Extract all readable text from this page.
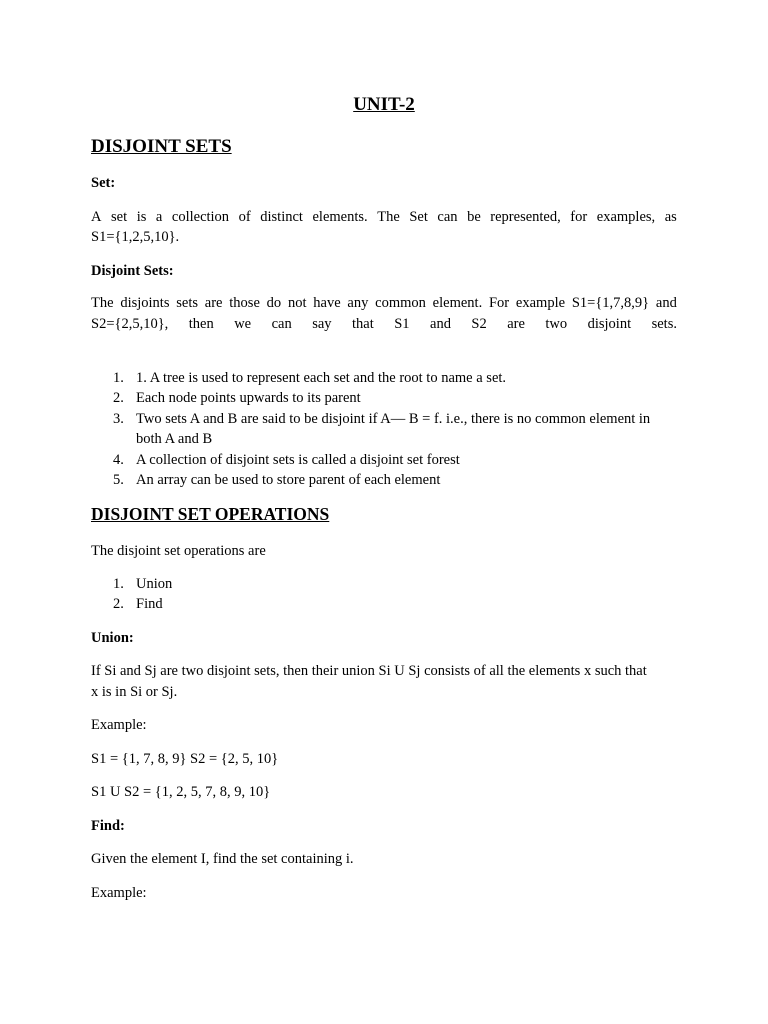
UNIT-2
DISJOINT SETS
Set:
A set is a collection of distinct elements. The Set can be represented, for examples, as
S1={1,2,5,10}.
Disjoint Sets:
The disjoints sets are those do not have any common element. For example S1={1,7,8,9} and
S2={2,5,10}, then we can say that S1 and S2 are two disjoint sets.
1. 1. A tree is used to represent each set and the root to name a set.
2. Each node points upwards to its parent
3. Two sets A and B are said to be disjoint if A— B = f. i.e., there is no common element in
both A and B
4. A collection of disjoint sets is called a disjoint set forest
5. An array can be used to store parent of each element
DISJOINT SET OPERATIONS
The disjoint set operations are
1. Union
2. Find
Union:
If Si and Sj are two disjoint sets, then their union Si U Sj consists of all the elements x such that
x is in Si or Sj.
Example:
S1 = {1, 7, 8, 9} S2 = {2, 5, 10}
S1 U S2 = {1, 2, 5, 7, 8, 9, 10}
Find:
Given the element I, find the set containing i.
Example:
